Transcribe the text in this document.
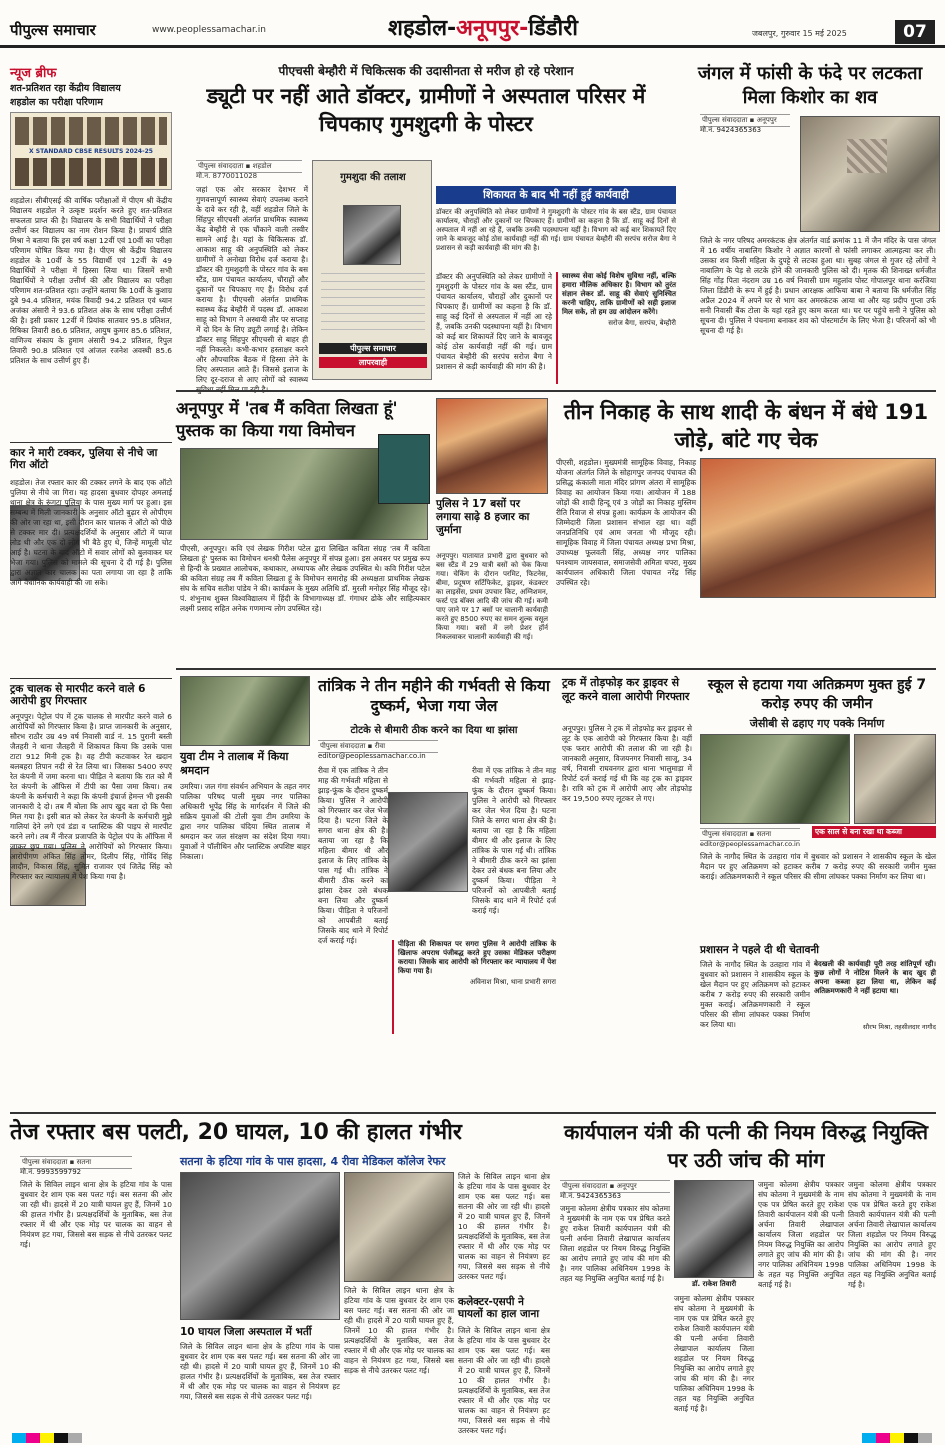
पीपुल्स समाचार	www.peoplessamachar.in	शहडोल-अनूपपुर-डिंडौरी	जबलपुर, गुरुवार 15 मई 2025	07
न्यूज ब्रीफ
शत-प्रतिशत रहा केंद्रीय विद्यालय
शहडोल का परीक्षा परिणाम
X STANDARD CBSE RESULTS 2024-25
शहडोल। सीबीएसई की वार्षिक परीक्षाओं में पीएम श्री केंद्रीय विद्यालय शहडोल ने उत्कृष्ट प्रदर्शन करते हुए शत-प्रतिशत सफलता प्राप्त की है। विद्यालय के सभी विद्यार्थियों ने परीक्षा उत्तीर्ण कर विद्यालय का नाम रोशन किया है। प्राचार्य प्रीति मिश्रा ने बताया कि इस वर्ष कक्षा 12वीं एवं 10वीं का परीक्षा परिणाम घोषित किया गया है। पीएम श्री केंद्रीय विद्यालय शहडोल के 10वीं के 55 विद्यार्थी एवं 12वीं के 49 विद्यार्थियों ने परीक्षा में हिस्सा लिया था। जिसमें सभी विद्यार्थियों ने परीक्षा उत्तीर्ण की और विद्यालय का परीक्षा परिणाम शत-प्रतिशत रहा। उन्होंने बताया कि 10वीं के कुशाग्र दुबे 94.4 प्रतिशत, मयंक त्रिवादी 94.2 प्रतिशत एवं ध्यान अजंका अंसारी ने 93.6 प्रतिशत अंक के साथ परीक्षा उत्तीर्ण की है। इसी प्रकार 12वीं में प्रियांक सातवार 95.8 प्रतिशत, रिषिका तिवारी 86.6 प्रतिशत, आयुष कुमार 85.6 प्रतिशत, वाणिज्य संकाय के हुमाम अंसारी 94.2 प्रतिशत, रिपुल तिवारी 90.8 प्रतिशत एवं आंजल रजनेश अवस्थी 85.6 प्रतिशत के साथ उत्तीर्ण हुए हैं।
कार ने मारी टक्कर, पुलिया से नीचे जा गिरा ऑटो
शहडोल। तेज रफ्तार कार की टक्कर लगने के बाद एक ऑटो पुलिया से नीचे जा गिरा। यह हादसा बुधवार दोपहर अमलाई थाना क्षेत्र के रूंगटा पुलिया के पास मुख्य मार्ग पर हुआ। इस सम्बन्ध में मिली जानकारी के अनुसार ऑटो बुढ़ार से ओपीएम की ओर जा रहा था, इसी दौरान कार चालक ने ऑटो को पीछे से टक्कर मार दी। प्रत्यक्षदर्शियों के अनुसार ऑटो में प्याज लोड थी और एक दो लोग भी बैठे हुए थे, जिन्हें मामूली चोट आई है। घटना के बाद ऑटो में सवार लोगों को बुलवाकर घर भेजा गया। पुलिस को मामले की सूचना दे दी गई है। पुलिस द्वारा अज्ञात कार चालक का पता लगाया जा रहा है ताकि आगे वैधानिक कार्यवाही की जा सके।
ट्रक चालक से मारपीट करने वाले 6 आरोपी हुए गिरफ्तार
अनूपपुर। पेट्रोल पंप में ट्रक चालक से मारपीट करने वाले 6 आरोपियों को गिरफ्तार किया है। प्राप्त जानकारी के अनुसार, सौरभ राठौर उम्र 49 वर्ष निवासी वार्ड नं. 15 पुरानी बस्ती जैतहरी ने थाना जैतहरी में शिकायत किया कि उसके पास टाटा 912 मिनी ट्रक है। वह टीपी कटवाकर रेत खदान बलबहरा तिपान नदी से रेत लिया था। जिसका 5400 रुपए रेत कंपनी में जमा करना था। पीड़ित ने बताया कि रात को मैं रेत कंपनी के ऑफिस में टीपी का पैसा जमा किया। तब कंपनी के कर्मचारी ने कहा कि कंपनी इंचार्ज हेमन्त भी इसकी जानकारी दे दो। तब मैं बोला कि आप खुद बता दो कि पैसा मिल गया है। इसी बात को लेकर रेत कंपनी के कर्मचारी मुझे गालियां देने लगे एवं डंडा व प्लास्टिक की पाइप से मारपीट करने लगे। तब मैं नीरज प्रजापति के पेट्रोल पंप के ऑफिस में जाकर छुप गया। पुलिस ने आरोपियों को गिरफ्तार किया। आरोपीगण अंकित सिंह तोमर, दिलीप सिंह, गोविंद सिंह जादौन, विकास सिंह, सुमित राजावर एवं जितेंद्र सिंह को गिरफ्तार कर न्यायालय में पेश किया गया है।
पीएचसी बेम्हौरी में चिकित्सक की उदासीनता से मरीज हो रहे परेशान
ड्यूटी पर नहीं आते डॉक्टर, ग्रामीणों ने अस्पताल परिसर में चिपकाए गुमशुदगी के पोस्टर
पीपुल्स संवाददाता ▪ शहडोल
मो.न. 8770011028
जहां एक ओर सरकार देशभर में गुणवत्तापूर्ण स्वास्थ्य सेवाएं उपलब्ध कराने के दावे कर रही है, वहीं शहडोल जिले के सिंहपुर सीएचसी अंतर्गत प्राथमिक स्वास्थ्य केंद्र बेम्हौरी से एक चौंकाने वाली तस्वीर सामने आई है। यहां के चिकित्सक डॉ. आकाश साहू की अनुपस्थिति को लेकर ग्रामीणों ने अनोखा विरोध दर्ज कराया है। डॉक्टर की गुमशुदगी के पोस्टर गांव के बस स्टैंड, ग्राम पंचायत कार्यालय, चौराहों और दुकानों पर चिपकाए गए हैं। विरोध दर्ज कराया है। पीएचसी अंतर्गत प्राथमिक स्वास्थ्य केंद्र बेम्हौरी में पदस्थ डॉ. आकाश साहू को विभाग ने अस्थायी तौर पर सप्ताह में दो दिन के लिए ड्यूटी लगाई है। लेकिन डॉक्टर साहू सिंहपुर सीएचसी से बाहर ही नहीं निकलते। कभी-कभार हस्ताक्षर करने और औपचारिक बैठक में हिस्सा लेने के लिए अस्पताल आते हैं। जिससे इलाज के लिए दूर-दराज से आए लोगों को स्वास्थ्य
गुमशुदा की तलाश
पीपुल्स समाचार
लापरवाही
शिकायत के बाद भी नहीं हुई कार्यवाही
डॉक्टर की अनुपस्थिति को लेकर ग्रामीणों ने गुमशुदगी के पोस्टर गांव के बस स्टैंड, ग्राम पंचायत कार्यालय, चौराहों और दुकानों पर चिपकाए हैं। ग्रामीणों का कहना है कि डॉ. साहू कई दिनों से अस्पताल में नहीं आ रहे हैं, जबकि उनकी पदस्थापना यहीं है। विभाग को कई बार शिकायतें दिए जाने के बावजूद कोई ठोस कार्यवाही नहीं की गई। ग्राम पंचायत बेम्हौरी की सरपंच सरोज बैगा ने प्रशासन से कड़ी कार्यवाही की मांग की है।
डॉक्टर की अनुपस्थिति को लेकर ग्रामीणों ने गुमशुदगी के पोस्टर गांव के बस स्टैंड, ग्राम पंचायत कार्यालय, चौराहों और दुकानों पर चिपकाए हैं। ग्रामीणों का कहना है कि डॉ. साहू कई दिनों से अस्पताल में नहीं आ रहे हैं, जबकि उनकी पदस्थापना यहीं है। विभाग को कई बार शिकायतें दिए जाने के बावजूद कोई ठोस कार्यवाही नहीं की गई। ग्राम पंचायत बेम्हौरी की सरपंच सरोज बैगा ने प्रशासन से कड़ी कार्यवाही की मांग की है।
स्वास्थ्य सेवा कोई विशेष सुविधा नहीं, बल्कि हमारा मौलिक अधिकार है। विभाग को तुरंत संज्ञान लेकर डॉ. साहू की सेवाएं सुनिश्चित करनी चाहिए, ताकि ग्रामीणों को सही इलाज मिल सके, तो हम उग्र आंदोलन करेंगे।
सरोज बैगा, सरपंच, बेम्हौरी
जंगल में फांसी के फंदे पर लटकता मिला किशोर का शव
पीपुल्स संवाददाता ▪ अनूपपुर
मो.नं. 9424365363
जिले के नगर परिषद अमरकंटक क्षेत्र अंतर्गत वार्ड क्रमांक 11 में जैन मंदिर के पास जंगल में 16 वर्षीय नाबालिग किशोर ने अज्ञात कारणों से फांसी लगाकर आत्महत्या कर ली। उसका शव किसी महिला के दुपट्टे से लटका हुआ था। सुबह जंगल से गुजर रहे लोगों ने नाबालिग के पेड़ से लटके होने की जानकारी पुलिस को दी। मृतक की शिनाख्त धर्मजीत सिंह गोंड़ पिता नंदराम उम्र 16 वर्ष निवासी ग्राम महुलांव पोस्ट गोपालपुर थाना करंजिया जिला डिंडौरी के रूप में हुई है। प्रधान आरक्षक आफिया बाबा ने बताया कि धर्मजीत सिंह अप्रैल 2024 में अपने घर से भाग कर अमरकंटक आया था और यह प्रदीप गुप्ता उर्फ सनी निवासी बैंक टोला के यहां रहते हुए काम करता था। घर पर पहुंचे सनी ने पुलिस को सूचना दी। पुलिस ने पंचनामा बनाकर शव को पोस्टमार्टम के लिए भेजा है। परिजनों को भी सूचना दी गई है।
अनूपपुर में 'तब मैं कविता लिखता हूं' पुस्तक का किया गया विमोचन
पीएसी, अनूपपुर। कवि एवं लेखक गिरीश पटेल द्वारा लिखित कविता संग्रह 'तब मैं कविता लिखता हूं' पुस्तक का विमोचन धनश्री पैलेस अनूपपुर में संपन्न हुआ। इस अवसर पर प्रमुख रूप से हिन्दी के प्रख्यात आलोचक, कथाकार, अध्यापक और लेखक उपस्थित थे। कवि गिरीश पटेल की कविता संग्रह तब मैं कविता लिखता हूं के विमोचन समारोह की अध्यक्षता प्राथमिक लेखक संघ के सचिव सतीश पांडेय ने की। कार्यक्रम के मुख्य अतिथि डॉ. मुरली मनोहर सिंह मौजूद रहे। पं. शंभुनाथ शुक्ल विश्वविद्यालय में हिंदी के विभागाध्यक्ष डॉ. गंगाधर ढोके और साहित्यकार लक्ष्मी प्रसाद सहित अनेक गणमान्य लोग उपस्थित रहे।
पुलिस ने 17 बसों पर लगाया साढ़े 8 हजार का जुर्माना
अनूपपुर। यातायात प्रभारी द्वारा बुधवार को बस स्टैंड में 29 यात्री बसों को चेक किया गया। चेकिंग के दौरान परमिट, फिटनेस, बीमा, प्रदूषण सर्टिफिकेट, ड्राइवर, कंडक्टर का लाइसेंस, प्रथम उपचार किट, अग्निशमन, फर्स्ट एड बॉक्स आदि की जांच की गई। कमी पाए जाने पर 17 बसों पर चालानी कार्यवाही करते हुए 8500 रुपए का समन शुल्क वसूल किया गया। बसों में लगे प्रेशर हॉर्न निकलवाकर चालानी कार्यवाही की गई।
तीन निकाह के साथ शादी के बंधन में बंधे 191 जोड़े, बांटे गए चेक
पीएसी, शहडोल। मुख्यमंत्री सामूहिक विवाह, निकाह योजना अंतर्गत जिले के सोहागपुर जनपद पंचायत की प्रसिद्ध कंकाली माता मंदिर प्रांगण अंतरा में सामूहिक विवाह का आयोजन किया गया। आयोजन में 188 जोड़ों की शादी हिन्दू एवं 3 जोड़ों का निकाह मुस्लिम रीति रिवाज से संपन्न हुआ। कार्यक्रम के आयोजन की जिम्मेदारी जिला प्रशासन संभाल रहा था। वहीं जनप्रतिनिधि एवं आम जनता भी मौजूद रही। सामूहिक विवाह में जिला पंचायत अध्यक्ष प्रभा मिश्रा, उपाध्यक्ष फूलवती सिंह, अध्यक्ष नगर पालिका घनश्याम जायसवाल, समाजसेवी अमिता चपरा, मुख्य कार्यपालन अधिकारी जिला पंचायत नरेंद्र सिंह उपस्थित रहे।
युवा टीम ने तालाब में किया श्रमदान
उमरिया। जल गंगा संवर्धन अभियान के तहत नगर पालिका परिषद पाली मुख्य नगर पालिका अधिकारी भूपेंद्र सिंह के मार्गदर्शन में जिले की सक्रिय युवाओं की टोली युवा टीम उमरिया के द्वारा नगर पालिका चंदिया स्थित तालाब में श्रमदान कर जल संरक्षण का संदेश दिया गया। युवाओं ने पॉलीथिन और प्लास्टिक अपशिष्ट बाहर निकाला।
तांत्रिक ने तीन महीने की गर्भवती से किया दुष्कर्म, भेजा गया जेल
टोटके से बीमारी ठीक करने का दिया था झांसा
पीपुल्स संवाददाता ▪ रीवा
editor@peoplessamachar.co.in
रीवा में एक तांत्रिक ने तीन माह की गर्भवती महिला से झाड़-फूंक के दौरान दुष्कर्म किया। पुलिस ने आरोपी को गिरफ्तार कर जेल भेज दिया है। घटना जिले के सगरा थाना क्षेत्र की है। बताया जा रहा है कि महिला बीमार थी और इलाज के लिए तांत्रिक के पास गई थी। तांत्रिक ने बीमारी ठीक करने का झांसा देकर उसे बंधक बना लिया और दुष्कर्म किया। पीड़िता ने परिजनों को आपबीती बताई जिसके बाद थाने में रिपोर्ट दर्ज कराई गई।
रीवा में एक तांत्रिक ने तीन माह की गर्भवती महिला से झाड़-फूंक के दौरान दुष्कर्म किया। पुलिस ने आरोपी को गिरफ्तार कर जेल भेज दिया है। घटना जिले के सगरा थाना क्षेत्र की है। बताया जा रहा है कि महिला बीमार थी और इलाज के लिए तांत्रिक के पास गई थी। तांत्रिक ने बीमारी ठीक करने का झांसा देकर उसे बंधक बना लिया और दुष्कर्म किया। पीड़िता ने परिजनों को आपबीती बताई जिसके बाद थाने में रिपोर्ट दर्ज कराई गई।
पीड़िता की शिकायत पर सगरा पुलिस ने आरोपी तांत्रिक के खिलाफ अपराध पंजीबद्ध करते हुए उसका मेडिकल परीक्षण कराया। जिसके बाद आरोपी को गिरफ्तार कर न्यायालय में पेश किया गया है।
अविनाश मिश्रा, थाना प्रभारी सगरा
ट्रक में तोड़फोड़ कर ड्राइवर से लूट करने वाला आरोपी गिरफ्तार
अनूपपुर। पुलिस ने ट्रक में तोड़फोड़ कर ड्राइवर से लूट के एक आरोपी को गिरफ्तार किया है। वहीं एक फरार आरोपी की तलाश की जा रही है। जानकारी अनुसार, विजयनगर निवासी साजू, 34 वर्ष, निवासी राघवनगर द्वारा थाना भालुमाड़ा में रिपोर्ट दर्ज कराई गई थी कि वह ट्रक का ड्राइवर है। रात्रि को ट्रक में आरोपी आए और तोड़फोड़ कर 19,500 रुपए लूटकर ले गए।
स्कूल से हटाया गया अतिक्रमण मुक्त हुई 7 करोड़ रुपए की जमीन
जेसीबी से ढहाए गए पक्के निर्माण
एक साल से बना रखा था कब्जा
पीपुल्स संवाददाता ▪ सतना
editor@peoplessamachar.co.in
जिले के नागौद स्थित के उतहारा गांव में बुधवार को प्रशासन ने शासकीय स्कूल के खेल मैदान पर हुए अतिक्रमण को हटाकर करीब 7 करोड़ रुपए की सरकारी जमीन मुक्त कराई। अतिक्रमणकारी ने स्कूल परिसर की सीमा लांघकर पक्का निर्माण कर लिया था।
प्रशासन ने पहले दी थी चेतावनी
बेदखली की कार्यवाही पूरी तरह शांतिपूर्ण रही। कुछ लोगों ने नोटिस मिलने के बाद खुद ही अपना कब्जा हटा लिया था, लेकिन कई अतिक्रमणकारी ने नहीं हटाया था।
सौरभ मिश्रा, तहसीलदार नागौद
जिले के नागौद स्थित के उतहारा गांव में बुधवार को प्रशासन ने शासकीय स्कूल के खेल मैदान पर हुए अतिक्रमण को हटाकर करीब 7 करोड़ रुपए की सरकारी जमीन मुक्त कराई। अतिक्रमणकारी ने स्कूल परिसर की सीमा लांघकर पक्का निर्माण कर लिया था।
तेज रफ्तार बस पलटी, 20 घायल, 10 की हालत गंभीर
सतना के हटिया गांव के पास हादसा, 4 रीवा मेडिकल कॉलेज रेफर
पीपुल्स संवाददाता ▪ सतना
मो.नं. 9993599792
जिले के सिविल लाइन थाना क्षेत्र के हटिया गांव के पास बुधवार देर शाम एक बस पलट गई। बस सतना की ओर जा रही थी। हादसे में 20 यात्री घायल हुए हैं, जिनमें 10 की हालत गंभीर है। प्रत्यक्षदर्शियों के मुताबिक, बस तेज रफ्तार में थी और एक मोड़ पर चालक का वाहन से नियंत्रण हट गया, जिससे बस सड़क से नीचे उतरकर पलट गई।
10 घायल जिला अस्पताल में भर्ती
जिले के सिविल लाइन थाना क्षेत्र के हटिया गांव के पास बुधवार देर शाम एक बस पलट गई। बस सतना की ओर जा रही थी। हादसे में 20 यात्री घायल हुए हैं, जिनमें 10 की हालत गंभीर है। प्रत्यक्षदर्शियों के मुताबिक, बस तेज रफ्तार में थी और एक मोड़ पर चालक का वाहन से नियंत्रण हट गया, जिससे बस सड़क से नीचे उतरकर पलट गई।
जिले के सिविल लाइन थाना क्षेत्र के हटिया गांव के पास बुधवार देर शाम एक बस पलट गई। बस सतना की ओर जा रही थी। हादसे में 20 यात्री घायल हुए हैं, जिनमें 10 की हालत गंभीर है। प्रत्यक्षदर्शियों के मुताबिक, बस तेज रफ्तार में थी और एक मोड़ पर चालक का वाहन से नियंत्रण हट गया, जिससे बस सड़क से नीचे उतरकर पलट गई।
जिले के सिविल लाइन थाना क्षेत्र के हटिया गांव के पास बुधवार देर शाम एक बस पलट गई। बस सतना की ओर जा रही थी। हादसे में 20 यात्री घायल हुए हैं, जिनमें 10 की हालत गंभीर है। प्रत्यक्षदर्शियों के मुताबिक, बस तेज रफ्तार में थी और एक मोड़ पर चालक का वाहन से नियंत्रण हट गया, जिससे बस सड़क से नीचे उतरकर पलट गई।
कलेक्टर-एसपी ने घायलों का हाल जाना
जिले के सिविल लाइन थाना क्षेत्र के हटिया गांव के पास बुधवार देर शाम एक बस पलट गई। बस सतना की ओर जा रही थी। हादसे में 20 यात्री घायल हुए हैं, जिनमें 10 की हालत गंभीर है। प्रत्यक्षदर्शियों के मुताबिक, बस तेज रफ्तार में थी और एक मोड़ पर चालक का वाहन से नियंत्रण हट गया, जिससे बस सड़क से नीचे उतरकर पलट गई।
कार्यपालन यंत्री की पत्नी की नियम विरुद्ध नियुक्ति पर उठी जांच की मांग
पीपुल्स संवाददाता ▪ अनूपपुर
मो.नं. 9424365363
जमुना कोलमा क्षेत्रीय पत्रकार संघ कोतमा ने मुख्यमंत्री के नाम एक पत्र प्रेषित करते हुए राकेश तिवारी कार्यपालन यंत्री की पत्नी अर्चना तिवारी लेखापाल कार्यालय जिला शहडोल पर नियम विरुद्ध नियुक्ति का आरोप लगाते हुए जांच की मांग की है। नगर पालिका अधिनियम 1998 के तहत यह नियुक्ति अनुचित बताई गई है।
डॉ. राकेश तिवारी
जमुना कोलमा क्षेत्रीय पत्रकार संघ कोतमा ने मुख्यमंत्री के नाम एक पत्र प्रेषित करते हुए राकेश तिवारी कार्यपालन यंत्री की पत्नी अर्चना तिवारी लेखापाल कार्यालय जिला शहडोल पर नियम विरुद्ध नियुक्ति का आरोप लगाते हुए जांच की मांग की है। नगर पालिका अधिनियम 1998 के तहत यह नियुक्ति अनुचित बताई गई है।
जमुना कोलमा क्षेत्रीय पत्रकार संघ कोतमा ने मुख्यमंत्री के नाम एक पत्र प्रेषित करते हुए राकेश तिवारी कार्यपालन यंत्री की पत्नी अर्चना तिवारी लेखापाल कार्यालय जिला शहडोल पर नियम विरुद्ध नियुक्ति का आरोप लगाते हुए जांच की मांग की है। नगर पालिका अधिनियम 1998 के तहत यह नियुक्ति अनुचित बताई गई है।
जमुना कोलमा क्षेत्रीय पत्रकार संघ कोतमा ने मुख्यमंत्री के नाम एक पत्र प्रेषित करते हुए राकेश तिवारी कार्यपालन यंत्री की पत्नी अर्चना तिवारी लेखापाल कार्यालय जिला शहडोल पर नियम विरुद्ध नियुक्ति का आरोप लगाते हुए जांच की मांग की है। नगर पालिका अधिनियम 1998 के तहत यह नियुक्ति अनुचित बताई गई है।
